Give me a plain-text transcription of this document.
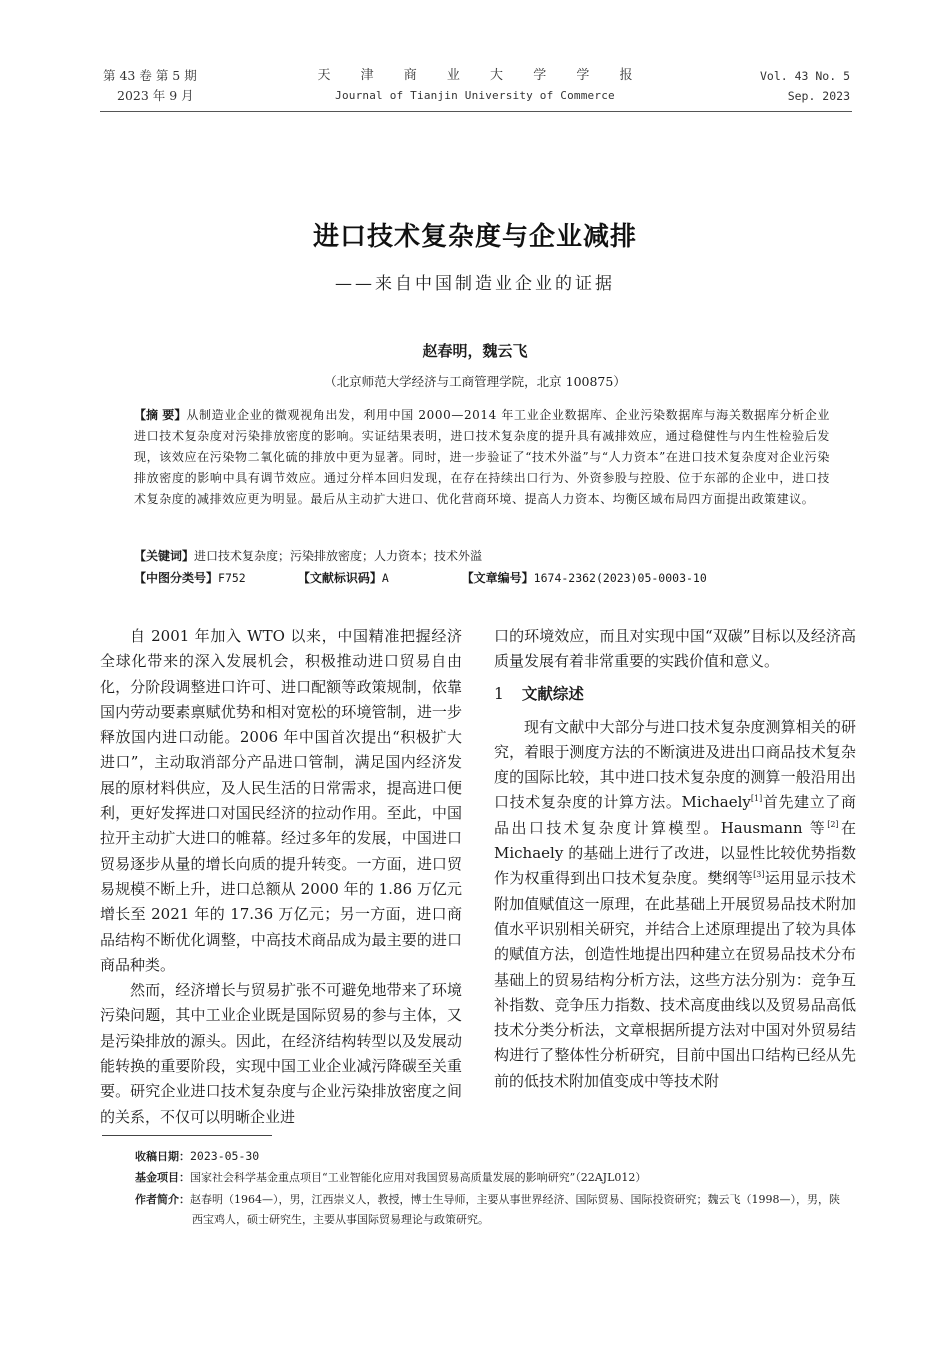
第 43 卷 第 5 期
2023 年 9 月
天 津 商 业 大 学 学 报
Journal of Tianjin University of Commerce
Vol. 43 No. 5
Sep. 2023
进口技术复杂度与企业减排
——来自中国制造业企业的证据
赵春明，魏云飞
（北京师范大学经济与工商管理学院，北京 100875）
【摘 要】从制造业企业的微观视角出发，利用中国 2000—2014 年工业企业数据库、企业污染数据库与海关数据库分析企业进口技术复杂度对污染排放密度的影响。实证结果表明，进口技术复杂度的提升具有减排效应，通过稳健性与内生性检验后发现，该效应在污染物二氧化硫的排放中更为显著。同时，进一步验证了“技术外溢”与“人力资本”在进口技术复杂度对企业污染排放密度的影响中具有调节效应。通过分样本回归发现，在存在持续出口行为、外资参股与控股、位于东部的企业中，进口技术复杂度的减排效应更为明显。最后从主动扩大进口、优化营商环境、提高人力资本、均衡区域布局四方面提出政策建议。
【关键词】进口技术复杂度；污染排放密度；人力资本；技术外溢
【中图分类号】F752	【文献标识码】A	【文章编号】1674-2362(2023)05-0003-10

自 2001 年加入 WTO 以来，中国精准把握经济全球化带来的深入发展机会，积极推动进口贸易自由化，分阶段调整进口许可、进口配额等政策规制，依靠国内劳动要素禀赋优势和相对宽松的环境管制，进一步释放国内进口动能。2006 年中国首次提出“积极扩大进口”，主动取消部分产品进口管制，满足国内经济发展的原材料供应，及人民生活的日常需求，提高进口便利，更好发挥进口对国民经济的拉动作用。至此，中国拉开主动扩大进口的帷幕。经过多年的发展，中国进口贸易逐步从量的增长向质的提升转变。一方面，进口贸易规模不断上升，进口总额从 2000 年的 1.86 万亿元增长至 2021 年的 17.36 万亿元；另一方面，进口商品结构不断优化调整，中高技术商品成为最主要的进口商品种类。

然而，经济增长与贸易扩张不可避免地带来了环境污染问题，其中工业企业既是国际贸易的参与主体，又是污染排放的源头。因此，在经济结构转型以及发展动能转换的重要阶段，实现中国工业企业减污降碳至关重要。研究企业进口技术复杂度与企业污染排放密度之间的关系，不仅可以明晰企业进

口的环境效应，而且对实现中国“双碳”目标以及经济高质量发展有着非常重要的实践价值和意义。

1 文献综述

现有文献中大部分与进口技术复杂度测算相关的研究，着眼于测度方法的不断演进及进出口商品技术复杂度的国际比较，其中进口技术复杂度的测算一般沿用出口技术复杂度的计算方法。Michaely[1]首先建立了商品出口技术复杂度计算模型。Hausmann 等[2]在 Michaely 的基础上进行了改进，以显性比较优势指数作为权重得到出口技术复杂度。樊纲等[3]运用显示技术附加值赋值这一原理，在此基础上开展贸易品技术附加值水平识别相关研究，并结合上述原理提出了较为具体的赋值方法，创造性地提出四种建立在贸易品技术分布基础上的贸易结构分析方法，这些方法分别为：竞争互补指数、竞争压力指数、技术高度曲线以及贸易品高低技术分类分析法，文章根据所提方法对中国对外贸易结构进行了整体性分析研究，目前中国出口结构已经从先前的低技术附加值变成中等技术附

收稿日期：2023-05-30
基金项目：国家社会科学基金重点项目“工业智能化应用对我国贸易高质量发展的影响研究”（22AJL012）
作者简介：赵春明（1964—），男，江西崇义人，教授，博士生导师，主要从事世界经济、国际贸易、国际投资研究；魏云飞（1998—），男，陕
西宝鸡人，硕士研究生，主要从事国际贸易理论与政策研究。
